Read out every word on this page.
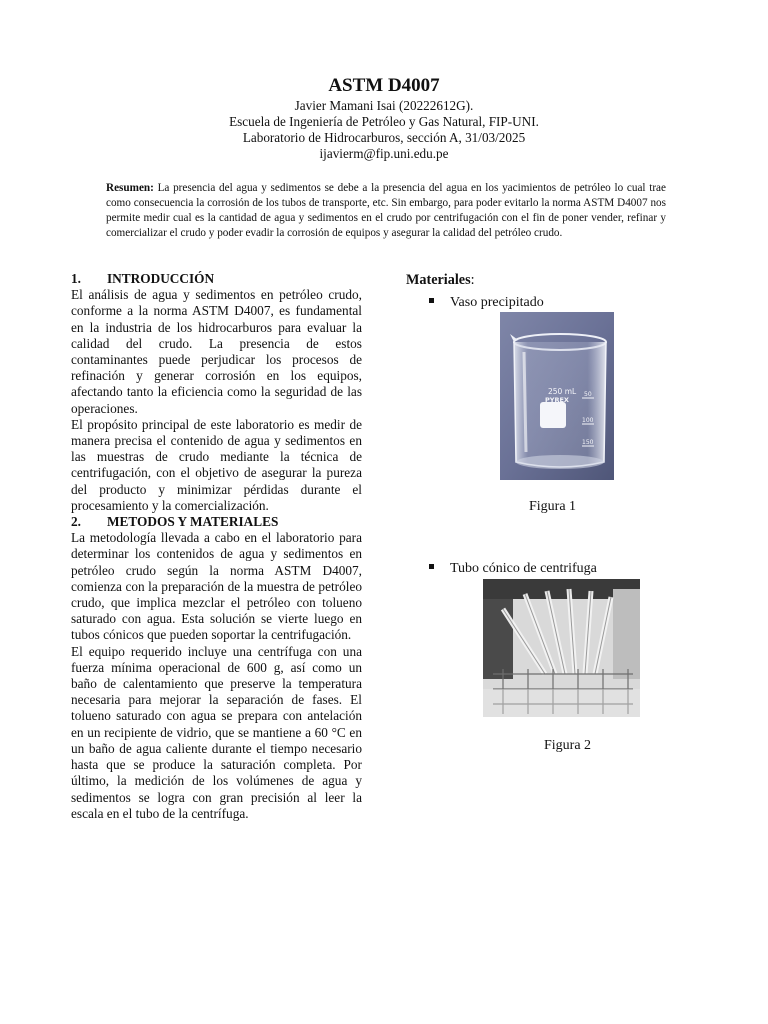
ASTM D4007
Javier Mamani Isai (20222612G).
Escuela de Ingeniería de Petróleo y Gas Natural, FIP-UNI.
Laboratorio de Hidrocarburos, sección A, 31/03/2025
ijavierm@fip.uni.edu.pe
Resumen: La presencia del agua y sedimentos se debe a la presencia del agua en los yacimientos de petróleo lo cual trae como consecuencia la corrosión de los tubos de transporte, etc. Sin embargo, para poder evitarlo la norma ASTM D4007 nos permite medir cual es la cantidad de agua y sedimentos en el crudo por centrifugación con el fin de poner vender, refinar y comercializar el crudo y poder evadir la corrosión de equipos y asegurar la calidad del petróleo crudo.
1. INTRODUCCIÓN

El análisis de agua y sedimentos en petróleo crudo, conforme a la norma ASTM D4007, es fundamental en la industria de los hidrocarburos para evaluar la calidad del crudo. La presencia de estos contaminantes puede perjudicar los procesos de refinación y generar corrosión en los equipos, afectando tanto la eficiencia como la seguridad de las operaciones.

El propósito principal de este laboratorio es medir de manera precisa el contenido de agua y sedimentos en las muestras de crudo mediante la técnica de centrifugación, con el objetivo de asegurar la pureza del producto y minimizar pérdidas durante el procesamiento y la comercialización.

2. METODOS Y MATERIALES

La metodología llevada a cabo en el laboratorio para determinar los contenidos de agua y sedimentos en petróleo crudo según la norma ASTM D4007, comienza con la preparación de la muestra de petróleo crudo, que implica mezclar el petróleo con tolueno saturado con agua. Esta solución se vierte luego en tubos cónicos que pueden soportar la centrifugación.

El equipo requerido incluye una centrífuga con una fuerza mínima operacional de 600 g, así como un baño de calentamiento que preserve la temperatura necesaria para mejorar la separación de fases. El tolueno saturado con agua se prepara con antelación en un recipiente de vidrio, que se mantiene a 60 °C en un baño de agua caliente durante el tiempo necesario hasta que se produce la saturación completa. Por último, la medición de los volúmenes de agua y sedimentos se logra con gran precisión al leer la escala en el tubo de la centrífuga.

Materiales:
Vaso precipitado
250 mL
PYREX
50
100
150
Figura 1
Tubo cónico de centrifuga
Figura 2
